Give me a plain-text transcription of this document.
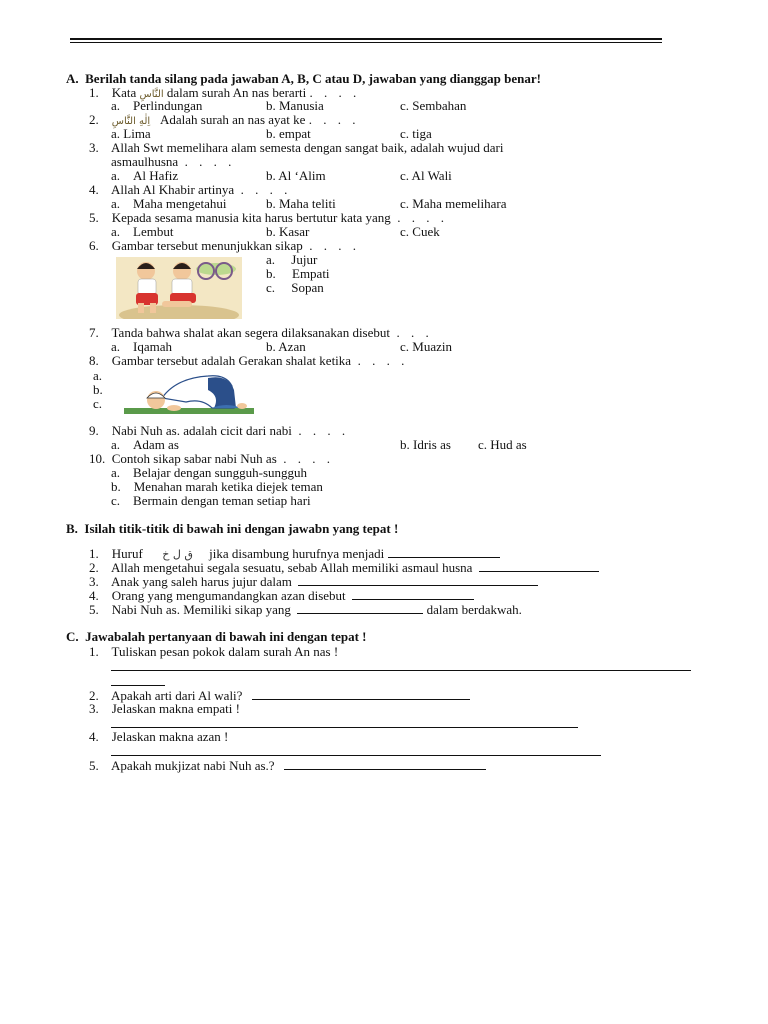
A. Berilah tanda silang pada jawaban A, B, C atau D, jawaban yang dianggap benar!
1. Kata النَّاسِ dalam surah An nas berarti . . . .
a. Perlindungan	b. Manusia	c. Sembahan
2. اِلٰهِ النَّاسِ Adalah surah an nas ayat ke . . . .
a. Lima	b. empat	c. tiga
3. Allah Swt memelihara alam semesta dengan sangat baik, adalah wujud dari
asmaulhusna . . . .
a. Al Hafiz	b. Al ‘Alim	c. Al Wali
4. Allah Al Khabir artinya . . . .
a. Maha mengetahui	b. Maha teliti	c. Maha memelihara
5. Kepada sesama manusia kita harus bertutur kata yang . . . .
a. Lembut	b. Kasar	c. Cuek
6. Gambar tersebut menunjukkan sikap . . . .
a. Jujur
b. Empati
c. Sopan
7. Tanda bahwa shalat akan segera dilaksanakan disebut . . .
a. Iqamah	b. Azan	c. Muazin
8. Gambar tersebut adalah Gerakan shalat ketika . . . .
a.
b.
c.
9. Nabi Nuh as. adalah cicit dari nabi . . . .
a. Adam as	b. Idris as c. Hud as
10. Contoh sikap sabar nabi Nuh as . . . .
a. Belajar dengan sungguh-sungguh
b. Menahan marah ketika diejek teman
c. Bermain dengan teman setiap hari
B. Isilah titik-titik di bawah ini dengan jawabn yang tepat !
1. Huruf ق ل خ jika disambung hurufnya menjadi
2. Allah mengetahui segala sesuatu, sebab Allah memiliki asmaul husna
3. Anak yang saleh harus jujur dalam
4. Orang yang mengumandangkan azan disebut
5. Nabi Nuh as. Memiliki sikap yang	dalam berdakwah.
C. Jawabalah pertanyaan di bawah ini dengan tepat !
1. Tuliskan pesan pokok dalam surah An nas !
2. Apakah arti dari Al wali?
3. Jelaskan makna empati !
4. Jelaskan makna azan !
5. Apakah mukjizat nabi Nuh as.?
